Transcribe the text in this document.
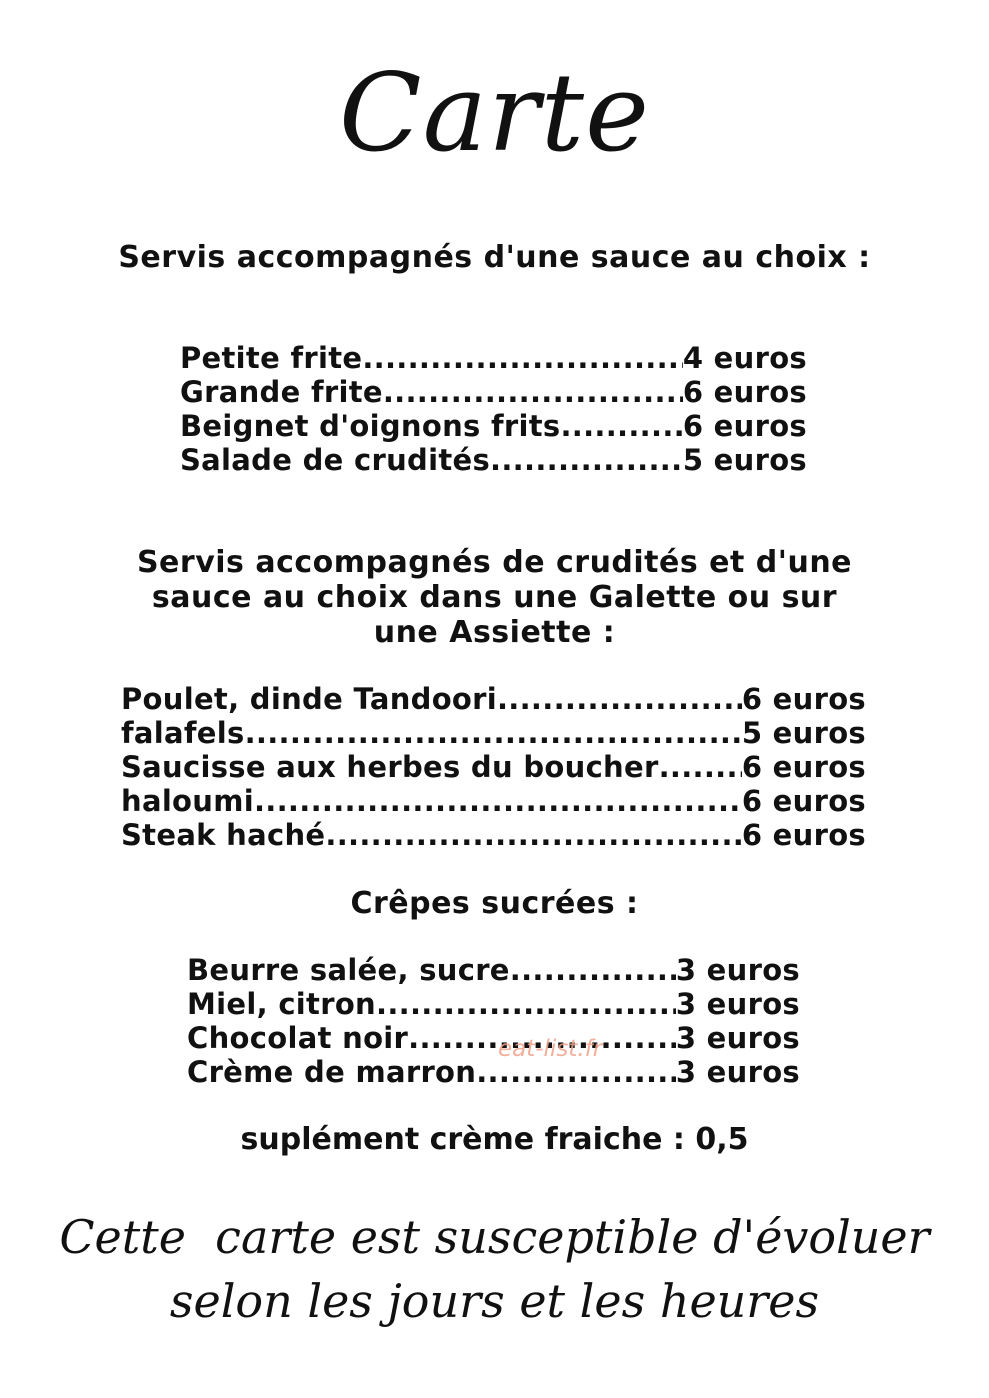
Carte
Servis accompagnés d'une sauce au choix :
Petite frite .....	4 euros
Grande frite .....	6 euros
Beignet d'oignons frits .....	6 euros
Salade de crudités .....	5 euros
Servis accompagnés de crudités et d'une
sauce au choix dans une Galette ou sur
une Assiette :
Poulet, dinde Tandoori .....	6 euros
falafels .....	5 euros
Saucisse aux herbes du boucher .....	6 euros
haloumi .....	6 euros
Steak haché .....	6 euros
Crêpes sucrées :
Beurre salée, sucre .....	3 euros
Miel, citron .....	3 euros
Chocolat noir .....	3 euros
Crème de marron .....	3 euros
eat-list.fr
suplément crème fraiche : 0,5
Cette  carte est susceptible d'évoluer
selon les jours et les heures
